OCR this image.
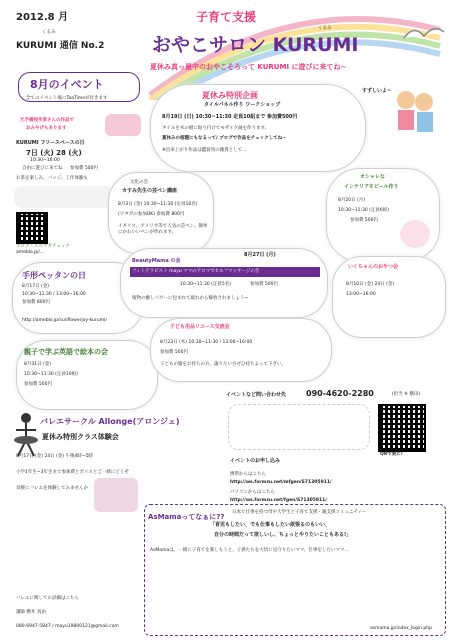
2012.8 月
くるみ
KURUMI 通信 No.2
子育て支援
くるみ
おやこサロン KURUMI
夏休み真っ最中のおやこそろって KURUMI に遊びに来てね~
すずしいよ~
8月のイベント
全てのイベント後にTeaTimeが付きます
元予備校作家さんの作品で
おみやげもあります
KURUMI フリースペースの日
7日 (火) 28 (火)
10:30~16:00
自由に遊びに来てね 参加費 500円
お茶を楽しみ、バッジ、工作体験も
ブログ・メルマガチェック
ameblo.jp/...
手形ペッタンの日
8月17日 (金)
10:30~11:30 / 13:00~16:00
参加費 800円
http://ameblo.jp/sunflowerjoy-kurumi/
親子で学ぶ英語で絵本の会
8月31日 (金)
10:30~11:30 (定員10組)
参加費 500円
バレエサークル Allonge(アロンジェ)
夏休み特別クラス体験会
8月17日 (金) 24日 (金) 午後4時~5時
小学1年生~3年生まで参加費とポリスとご一緒にどうぞ
気軽にバレエを体験してみませんか
バレエに関しての詳細はこちら
講師 横井 真由
080-6947-5847 / mayu19800121@gmail.com
夏休み特別企画
タイルパネル作り ワークショップ
8月19日 (日) 10:30~11:30 定員10組まで 参加費500円
タイルを木の板に貼り付けてモザイク画を作ります。
夏休みの宿題にもなるって/ ブログで作品をチェックしてね~
※出来上がり作品は鑑賞用の雑貨として...
文化の会
カすみ先生の芸ペン講座
8月3日 (金) 10:30~11:30 (定員10名)
(ワタガの参加OK) 参加費 800円
イギリス、アメリカ等で人気の芸ペン。簡単にかわいいペンが作れます。
8月27日 (月)
BeautyMama の会
フィトテラピスト mayu ママのアロマでセルフマッサージの会
10:30~11:30 (定員5名)	参加費 500円
植物の癒しパワーに包まれて疲れから解放されましょう~
子ども用品リユース交流会
8月23日 (木) 10:30~11:30 / 13:00~16:00
参加費 500円
子どもの服をお持ちの方、譲りたい方ぜひ持ちよって下さい。
オシャレな
インテリアモビール作り
8月20日 (月)
10:30~11:30 (定員6組)
参加費 500円
いくちゃんのおやつ会
8月10日 (金) 24日 (金)
13:00~16:00
イベントなど問い合わせ先 090-4620-2280	(担当 ※ 横田)
QRで更に!
イベントのお申し込み
携帯からはこちら
http://ws.formzu.net/mfgen/S71305911/
パソコンからはこちら
http://ws.formzu.net/fgen/S71305911/
AsMamaってなぁに??
日本で仕事を持つ母や大学生と子育て支援・親支援コミュニティー
「育児もしたい、でも仕事もしたい欲張るのもいい、
自分の時間だって欲しいし、ちょっとやりたいこともある!」
AsMamaは、一緒に子育てを楽しもうと、子供たちを大切に見守りたいママ、仕事をしたいママ...
asmama.jp/index_login.php
